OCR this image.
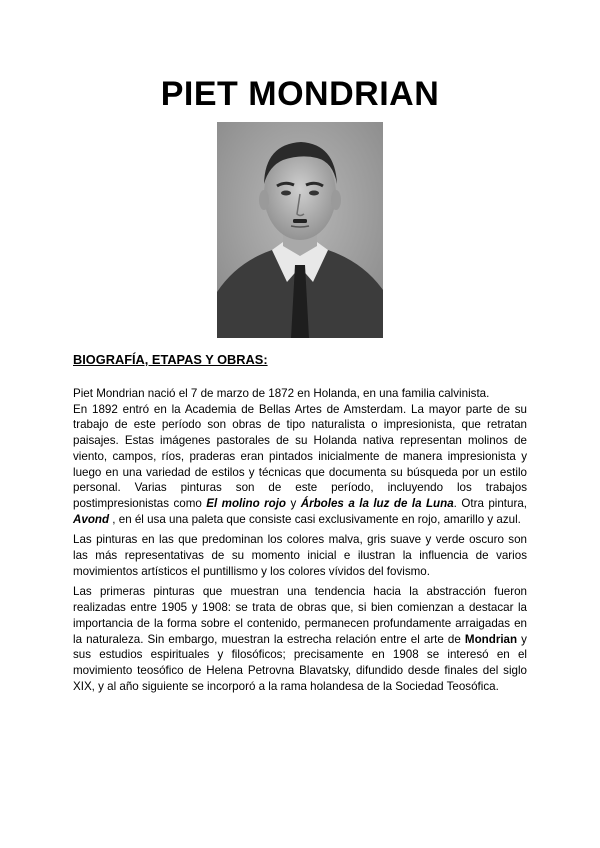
PIET MONDRIAN

BIOGRAFÍA, ETAPAS Y OBRAS:

Piet Mondrian nació el 7 de marzo de 1872 en Holanda, en una familia calvinista.

En 1892 entró en la Academia de Bellas Artes de Amsterdam. La mayor parte de su trabajo de este período son obras de tipo naturalista o impresionista, que retratan paisajes. Estas imágenes pastorales de su Holanda nativa representan molinos de viento, campos, ríos, praderas eran pintados inicialmente de manera impresionista y luego en una variedad de estilos y técnicas que documenta su búsqueda por un estilo personal. Varias pinturas son de este período, incluyendo los trabajos postimpresionistas como El molino rojo y Árboles a la luz de la Luna. Otra pintura, Avond , en él usa una paleta que consiste casi exclusivamente en rojo, amarillo y azul.

Las pinturas en las que predominan los colores malva, gris suave y verde oscuro son las más representativas de su momento inicial e ilustran la influencia de varios movimientos artísticos el puntillismo y los colores vívidos del fovismo.

Las primeras pinturas que muestran una tendencia hacia la abstracción fueron realizadas entre 1905 y 1908: se trata de obras que, si bien comienzan a destacar la importancia de la forma sobre el contenido, permanecen profundamente arraigadas en la naturaleza. Sin embargo, muestran la estrecha relación entre el arte de Mondrian y sus estudios espirituales y filosóficos; precisamente en 1908 se interesó en el movimiento teosófico de Helena Petrovna Blavatsky, difundido desde finales del siglo XIX, y al año siguiente se incorporó a la rama holandesa de la Sociedad Teosófica.
